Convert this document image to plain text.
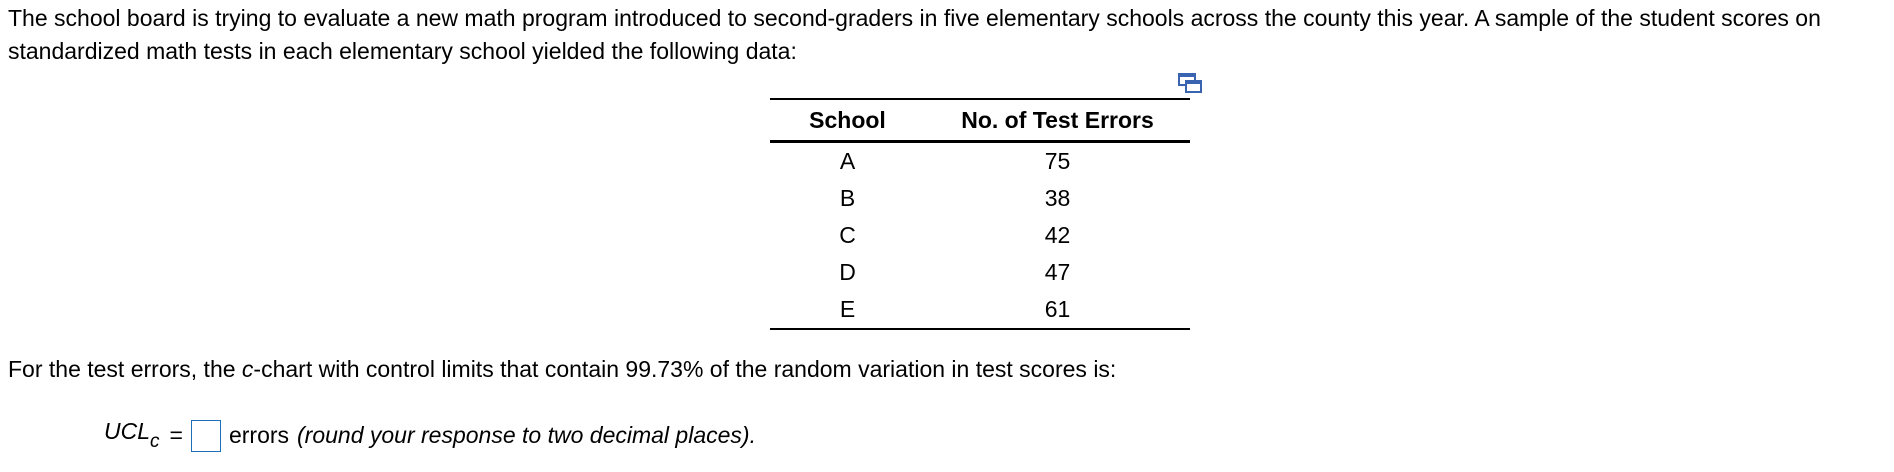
The school board is trying to evaluate a new math program introduced to second-graders in five elementary schools across the county this year. A sample of the student scores on standardized math tests in each elementary school yielded the following data:

School	No. of Test Errors
A	75
B	38
C	42
D	47
E	61

For the test errors, the c-chart with control limits that contain 99.73% of the random variation in test scores is:

$UCL_c$ = errors (round your response to two decimal places).
